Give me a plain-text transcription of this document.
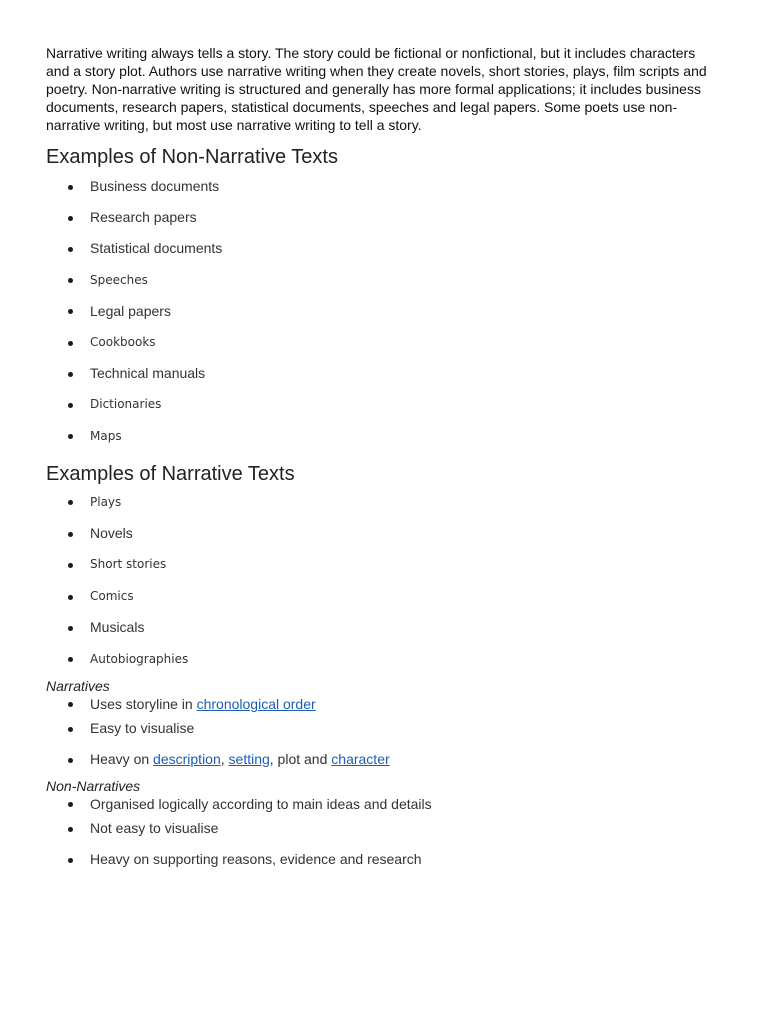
Narrative writing always tells a story. The story could be fictional or nonfictional, but it includes characters and a story plot. Authors use narrative writing when they create novels, short stories, plays, film scripts and poetry. Non-narrative writing is structured and generally has more formal applications; it includes business documents, research papers, statistical documents, speeches and legal papers. Some poets use non-narrative writing, but most use narrative writing to tell a story.

Examples of Non-Narrative Texts
Business documents
Research papers
Statistical documents
Speeches
Legal papers
Cookbooks
Technical manuals
Dictionaries
Maps
Examples of Narrative Texts
Plays
Novels
Short stories
Comics
Musicals
Autobiographies
Narratives
Uses storyline in chronological order
Easy to visualise
Heavy on description, setting, plot and character
Non-Narratives
Organised logically according to main ideas and details
Not easy to visualise
Heavy on supporting reasons, evidence and research
